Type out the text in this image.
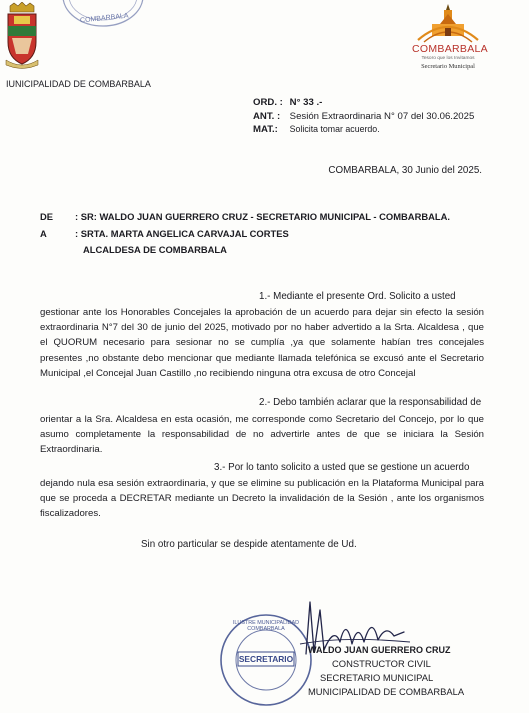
COMBARBALA
IUNICIPALIDAD DE COMBARBALA
COMBARBALA
Tesoro que los Invitamos
Secretario Municipal
ORD. : N° 33 .-
ANT. : Sesión Extraordinaria N° 07 del 30.06.2025
MAT.: Solicita tomar acuerdo.
COMBARBALA, 30 Junio del 2025.
DE : SR: WALDO JUAN GUERRERO CRUZ - SECRETARIO MUNICIPAL - COMBARBALA.
A	: SRTA. MARTA ANGELICA CARVAJAL CORTES
ALCALDESA DE COMBARBALA
1.- Mediante el presente Ord. Solicito a usted
gestionar ante los Honorables Concejales la aprobación de un acuerdo para dejar sin efecto la sesión extraordinaria N°7 del 30 de junio del 2025, motivado por no haber advertido a la Srta. Alcaldesa , que el QUORUM necesario para sesionar no se cumplía ,ya que solamente habían tres concejales presentes ,no obstante debo mencionar que mediante llamada telefónica se excusó ante el Secretario Municipal ,el Concejal Juan Castillo ,no recibiendo ninguna otra excusa de otro Concejal
2.- Debo también aclarar que la responsabilidad de
orientar a la Sra. Alcaldesa en esta ocasión, me corresponde como Secretario del Concejo, por lo que asumo completamente la responsabilidad de no advertirle antes de que se iniciara la Sesión Extraordinaria.
3.- Por lo tanto solicito a usted que se gestione un acuerdo
dejando nula esa sesión extraordinaria, y que se elimine su publicación en la Plataforma Municipal para que se proceda a DECRETAR mediante un Decreto la invalidación de la Sesión , ante los organismos fiscalizadores.
Sin otro particular se despide atentamente de Ud.
ILUSTRE MUNICIPALIDAD COMBARBALA
SECRETARIO
WALDO JUAN GUERRERO CRUZ
CONSTRUCTOR CIVIL
SECRETARIO MUNICIPAL
MUNICIPALIDAD DE COMBARBALA
